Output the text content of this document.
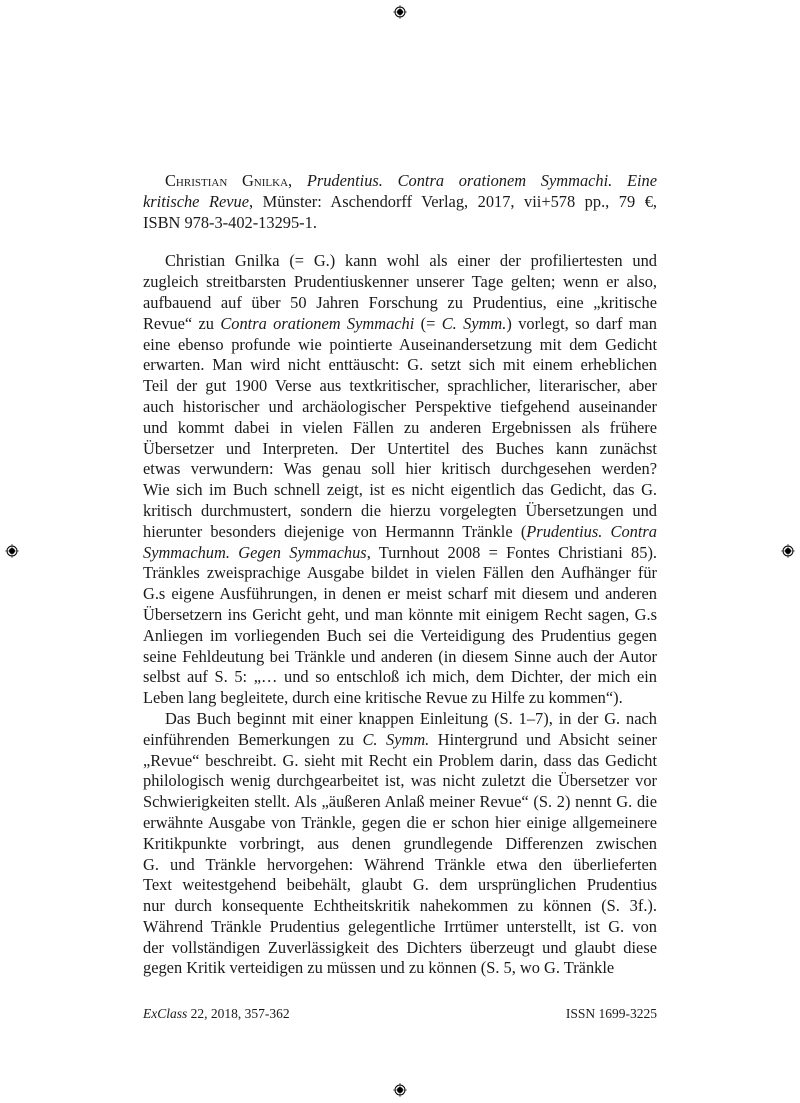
Christian Gnilka, Prudentius. Contra orationem Symmachi. Eine
kritische Revue, Münster: Aschendorff Verlag, 2017, vii+578 pp., 79 €,
ISBN 978-3-402-13295-1.
Christian Gnilka (= G.) kann wohl als einer der profiliertesten und
zugleich streitbarsten Prudentiuskenner unserer Tage gelten; wenn er also,
aufbauend auf über 50 Jahren Forschung zu Prudentius, eine „kritische
Revue“ zu Contra orationem Symmachi (= C. Symm.) vorlegt, so darf man
eine ebenso profunde wie pointierte Auseinandersetzung mit dem Gedicht
erwarten. Man wird nicht enttäuscht: G. setzt sich mit einem erheblichen
Teil der gut 1900 Verse aus textkritischer, sprachlicher, literarischer, aber
auch historischer und archäologischer Perspektive tiefgehend auseinander
und kommt dabei in vielen Fällen zu anderen Ergebnissen als frühere
Übersetzer und Interpreten. Der Untertitel des Buches kann zunächst
etwas verwundern: Was genau soll hier kritisch durchgesehen werden?
Wie sich im Buch schnell zeigt, ist es nicht eigentlich das Gedicht, das G.
kritisch durchmustert, sondern die hierzu vorgelegten Übersetzungen und
hierunter besonders diejenige von Hermannn Tränkle (Prudentius. Contra
Symmachum. Gegen Symmachus, Turnhout 2008 = Fontes Christiani 85).
Tränkles zweisprachige Ausgabe bildet in vielen Fällen den Aufhänger für
G.s eigene Ausführungen, in denen er meist scharf mit diesem und anderen
Übersetzern ins Gericht geht, und man könnte mit einigem Recht sagen, G.s
Anliegen im vorliegenden Buch sei die Verteidigung des Prudentius gegen
seine Fehldeutung bei Tränkle und anderen (in diesem Sinne auch der Autor
selbst auf S. 5: „… und so entschloß ich mich, dem Dichter, der mich ein
Leben lang begleitete, durch eine kritische Revue zu Hilfe zu kommen“).
Das Buch beginnt mit einer knappen Einleitung (S. 1–7), in der G. nach
einführenden Bemerkungen zu C. Symm. Hintergrund und Absicht seiner
„Revue“ beschreibt. G. sieht mit Recht ein Problem darin, dass das Gedicht
philologisch wenig durchgearbeitet ist, was nicht zuletzt die Übersetzer vor
Schwierigkeiten stellt. Als „äußeren Anlaß meiner Revue“ (S. 2) nennt G. die
erwähnte Ausgabe von Tränkle, gegen die er schon hier einige allgemeinere
Kritikpunkte vorbringt, aus denen grundlegende Differenzen zwischen
G. und Tränkle hervorgehen: Während Tränkle etwa den überlieferten
Text weitestgehend beibehält, glaubt G. dem ursprünglichen Prudentius
nur durch konsequente Echtheitskritik nahekommen zu können (S. 3f.).
Während Tränkle Prudentius gelegentliche Irrtümer unterstellt, ist G. von
der vollständigen Zuverlässigkeit des Dichters überzeugt und glaubt diese
gegen Kritik verteidigen zu müssen und zu können (S. 5, wo G. Tränkle
ExClass 22, 2018, 357-362	ISSN 1699-3225
